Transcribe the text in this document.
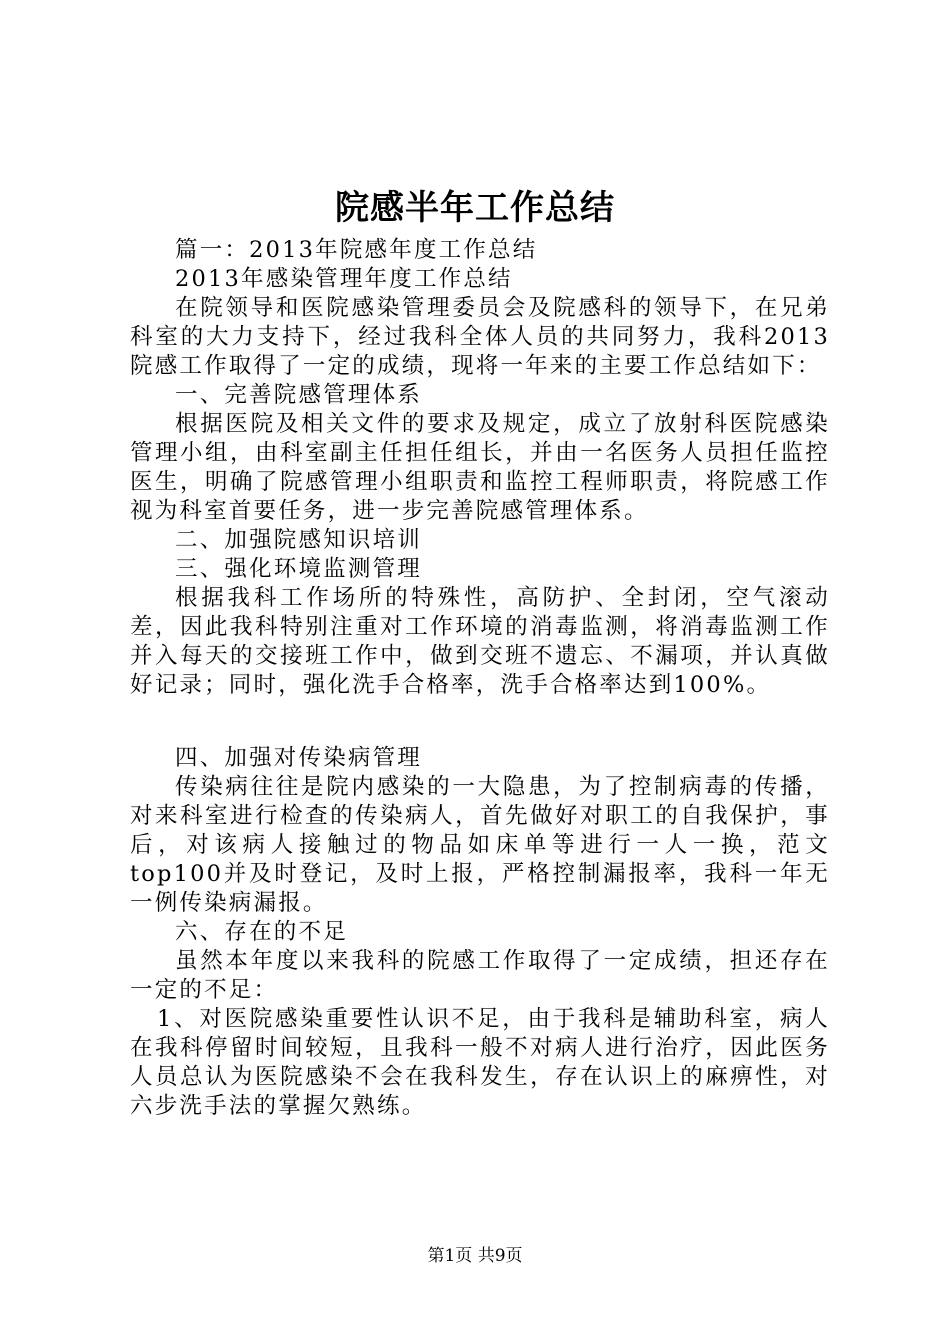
院感半年工作总结

篇一：2013年院感年度工作总结

2013年感染管理年度工作总结

在院领导和医院感染管理委员会及院感科的领导下，在兄弟科室的大力支持下，经过我科全体人员的共同努力，我科2013院感工作取得了一定的成绩，现将一年来的主要工作总结如下：

一、完善院感管理体系

根据医院及相关文件的要求及规定，成立了放射科医院感染管理小组，由科室副主任担任组长，并由一名医务人员担任监控医生，明确了院感管理小组职责和监控工程师职责，将院感工作视为科室首要任务，进一步完善院感管理体系。

二、加强院感知识培训

三、强化环境监测管理

根据我科工作场所的特殊性，高防护、全封闭，空气滚动差，因此我科特别注重对工作环境的消毒监测，将消毒监测工作并入每天的交接班工作中，做到交班不遗忘、不漏项，并认真做好记录；同时，强化洗手合格率，洗手合格率达到100%。

四、加强对传染病管理

传染病往往是院内感染的一大隐患，为了控制病毒的传播，对来科室进行检查的传染病人，首先做好对职工的自我保护，事后，对该病人接触过的物品如床单等进行一人一换，范文top100并及时登记，及时上报，严格控制漏报率，我科一年无一例传染病漏报。

六、存在的不足

虽然本年度以来我科的院感工作取得了一定成绩，担还存在一定的不足：

1、对医院感染重要性认识不足，由于我科是辅助科室，病人在我科停留时间较短，且我科一般不对病人进行治疗，因此医务人员总认为医院感染不会在我科发生，存在认识上的麻痹性，对六步洗手法的掌握欠熟练。

第1页 共9页
